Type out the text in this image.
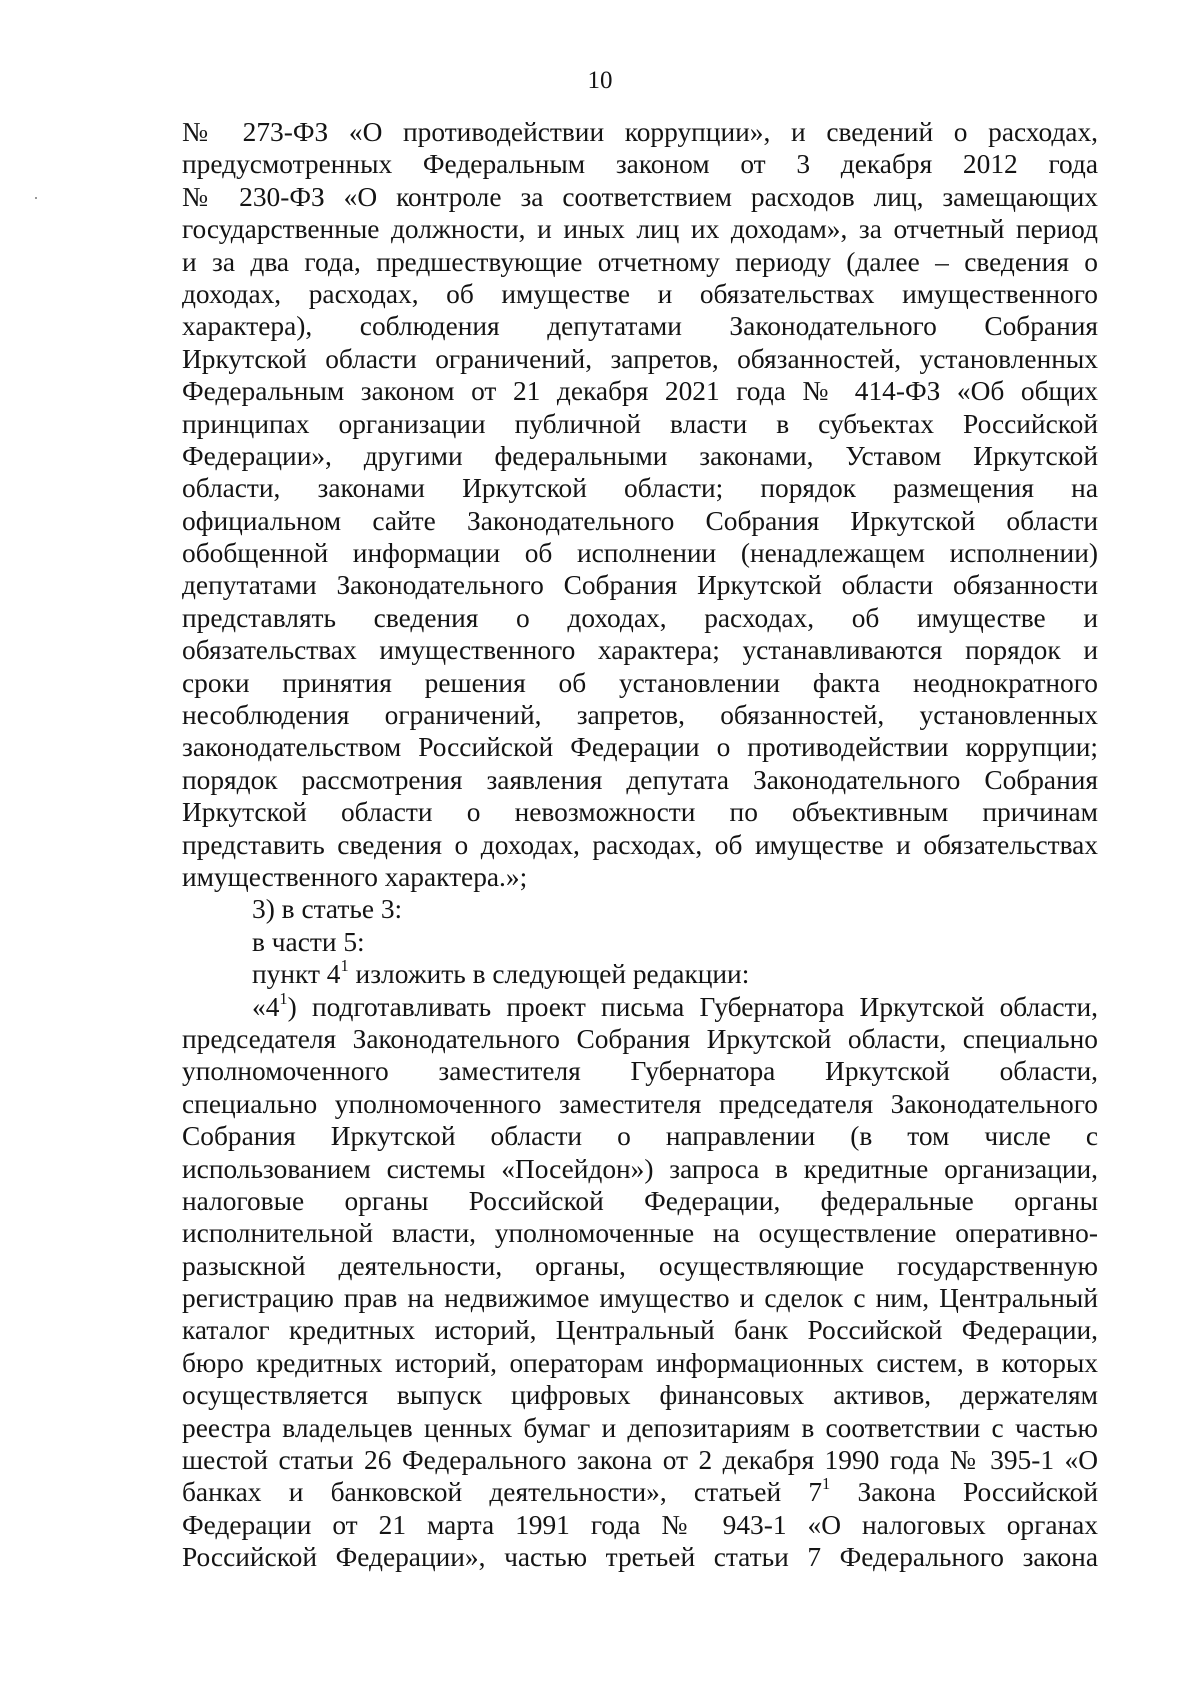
10
№ 273-ФЗ «О противодействии коррупции», и сведений о расходах,
предусмотренных Федеральным законом от 3 декабря 2012 года
№ 230-ФЗ «О контроле за соответствием расходов лиц, замещающих
государственные должности, и иных лиц их доходам», за отчетный период
и за два года, предшествующие отчетному периоду (далее – сведения о
доходах, расходах, об имуществе и обязательствах имущественного
характера), соблюдения депутатами Законодательного Собрания
Иркутской области ограничений, запретов, обязанностей, установленных
Федеральным законом от 21 декабря 2021 года № 414-ФЗ «Об общих
принципах организации публичной власти в субъектах Российской
Федерации», другими федеральными законами, Уставом Иркутской
области, законами Иркутской области; порядок размещения на
официальном сайте Законодательного Собрания Иркутской области
обобщенной информации об исполнении (ненадлежащем исполнении)
депутатами Законодательного Собрания Иркутской области обязанности
представлять сведения о доходах, расходах, об имуществе и
обязательствах имущественного характера; устанавливаются порядок и
сроки принятия решения об установлении факта неоднократного
несоблюдения ограничений, запретов, обязанностей, установленных
законодательством Российской Федерации о противодействии коррупции;
порядок рассмотрения заявления депутата Законодательного Собрания
Иркутской области о невозможности по объективным причинам
представить сведения о доходах, расходах, об имуществе и обязательствах
имущественного характера.»;
3) в статье 3:
в части 5:
пункт $4^1$ изложить в следующей редакции:
«$4^1$) подготавливать проект письма Губернатора Иркутской области,
председателя Законодательного Собрания Иркутской области, специально
уполномоченного заместителя Губернатора Иркутской области,
специально уполномоченного заместителя председателя Законодательного
Собрания Иркутской области о направлении (в том числе с
использованием системы «Посейдон») запроса в кредитные организации,
налоговые органы Российской Федерации, федеральные органы
исполнительной власти, уполномоченные на осуществление оперативно-
разыскной деятельности, органы, осуществляющие государственную
регистрацию прав на недвижимое имущество и сделок с ним, Центральный
каталог кредитных историй, Центральный банк Российской Федерации,
бюро кредитных историй, операторам информационных систем, в которых
осуществляется выпуск цифровых финансовых активов, держателям
реестра владельцев ценных бумаг и депозитариям в соответствии с частью
шестой статьи 26 Федерального закона от 2 декабря 1990 года № 395-1 «О
банках и банковской деятельности», статьей $7^1$ Закона Российской
Федерации от 21 марта 1991 года № 943-1 «О налоговых органах
Российской Федерации», частью третьей статьи 7 Федерального закона
